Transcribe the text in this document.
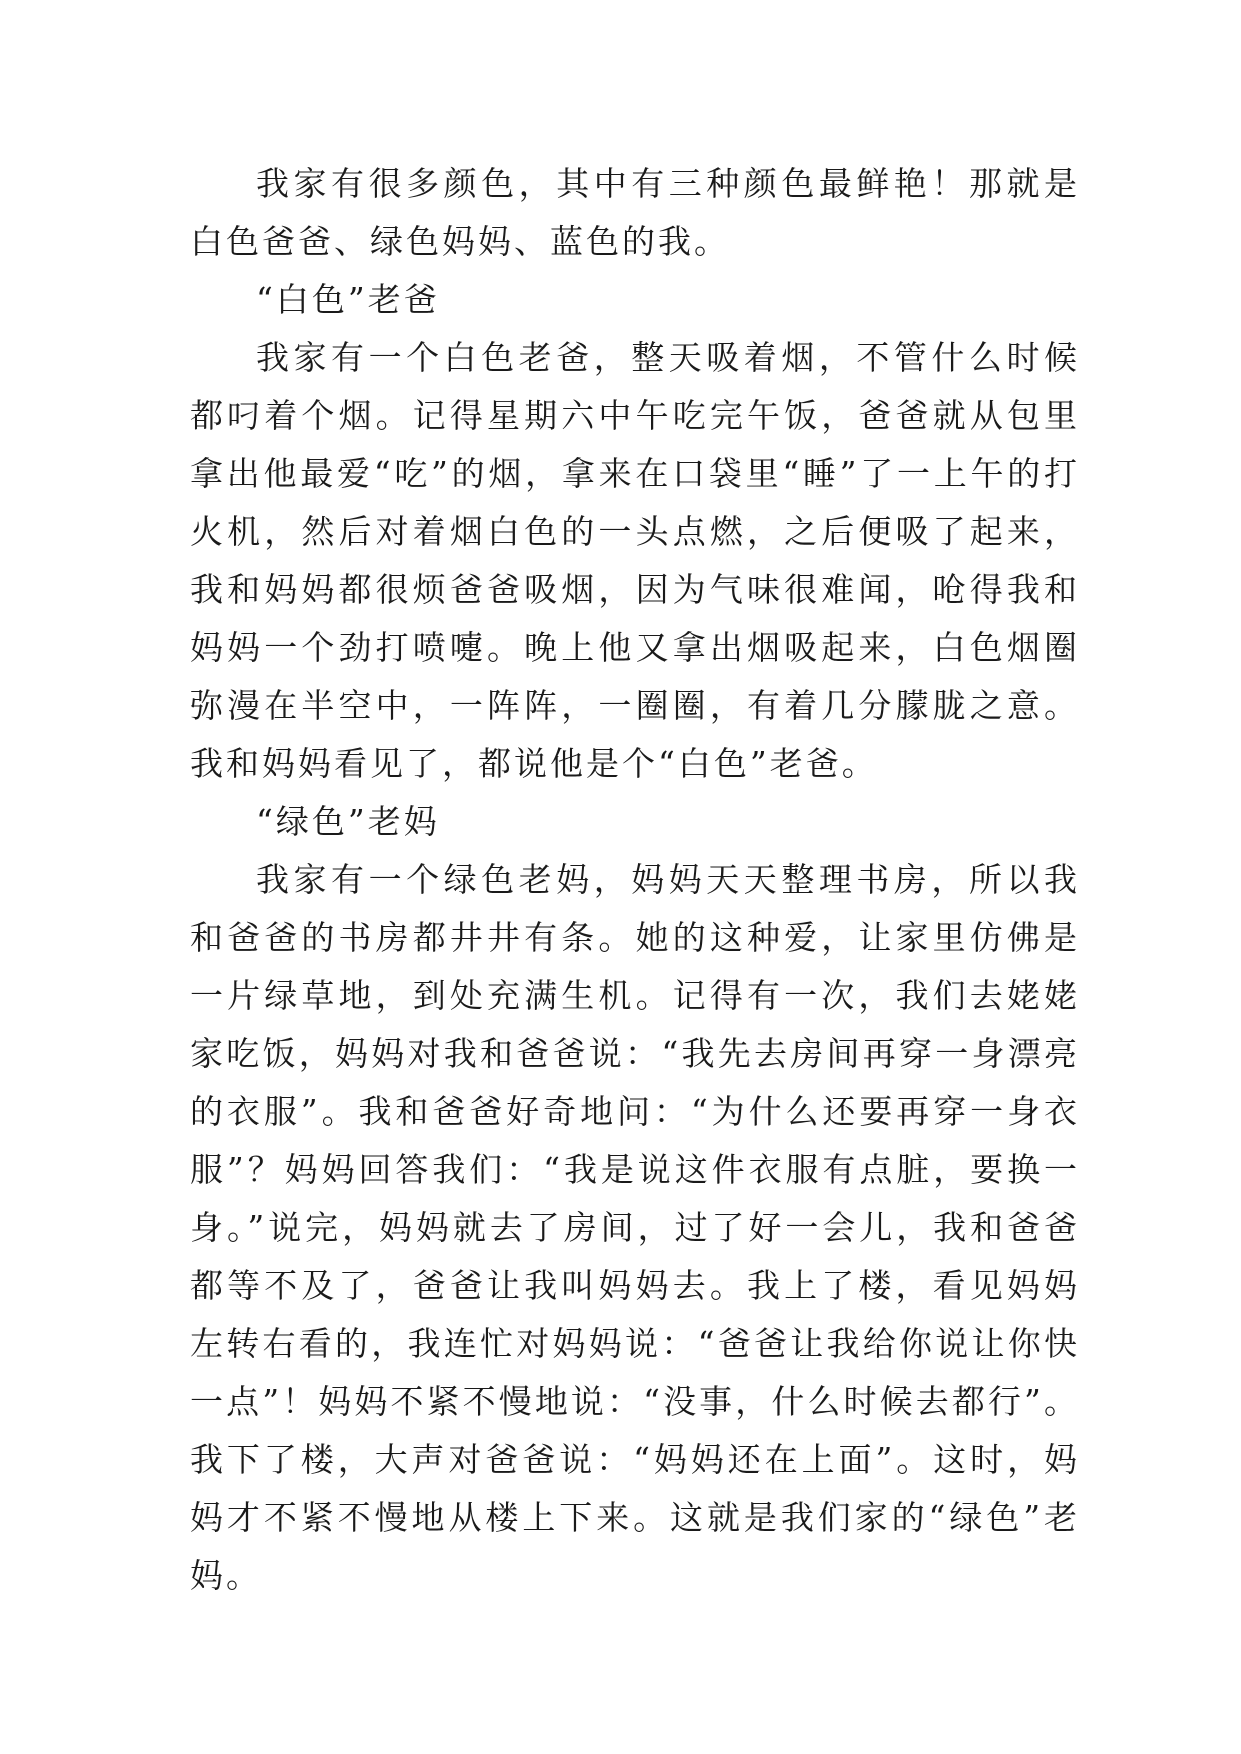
我家有很多颜色，其中有三种颜色最鲜艳！那就是白色爸爸、绿色妈妈、蓝色的我。

“白色”老爸

我家有一个白色老爸，整天吸着烟，不管什么时候都叼着个烟。记得星期六中午吃完午饭，爸爸就从包里拿出他最爱“吃”的烟，拿来在口袋里“睡”了一上午的打火机，然后对着烟白色的一头点燃，之后便吸了起来，我和妈妈都很烦爸爸吸烟，因为气味很难闻，呛得我和妈妈一个劲打喷嚏。晚上他又拿出烟吸起来，白色烟圈弥漫在半空中，一阵阵，一圈圈，有着几分朦胧之意。我和妈妈看见了，都说他是个“白色”老爸。

“绿色”老妈

我家有一个绿色老妈，妈妈天天整理书房，所以我和爸爸的书房都井井有条。她的这种爱，让家里仿佛是一片绿草地，到处充满生机。记得有一次，我们去姥姥家吃饭，妈妈对我和爸爸说：“我先去房间再穿一身漂亮的衣服”。我和爸爸好奇地问：“为什么还要再穿一身衣服”？妈妈回答我们：“我是说这件衣服有点脏，要换一身。”说完，妈妈就去了房间，过了好一会儿，我和爸爸都等不及了，爸爸让我叫妈妈去。我上了楼，看见妈妈左转右看的，我连忙对妈妈说：“爸爸让我给你说让你快一点”！妈妈不紧不慢地说：“没事，什么时候去都行”。我下了楼，大声对爸爸说：“妈妈还在上面”。这时，妈妈才不紧不慢地从楼上下来。这就是我们家的“绿色”老妈。
